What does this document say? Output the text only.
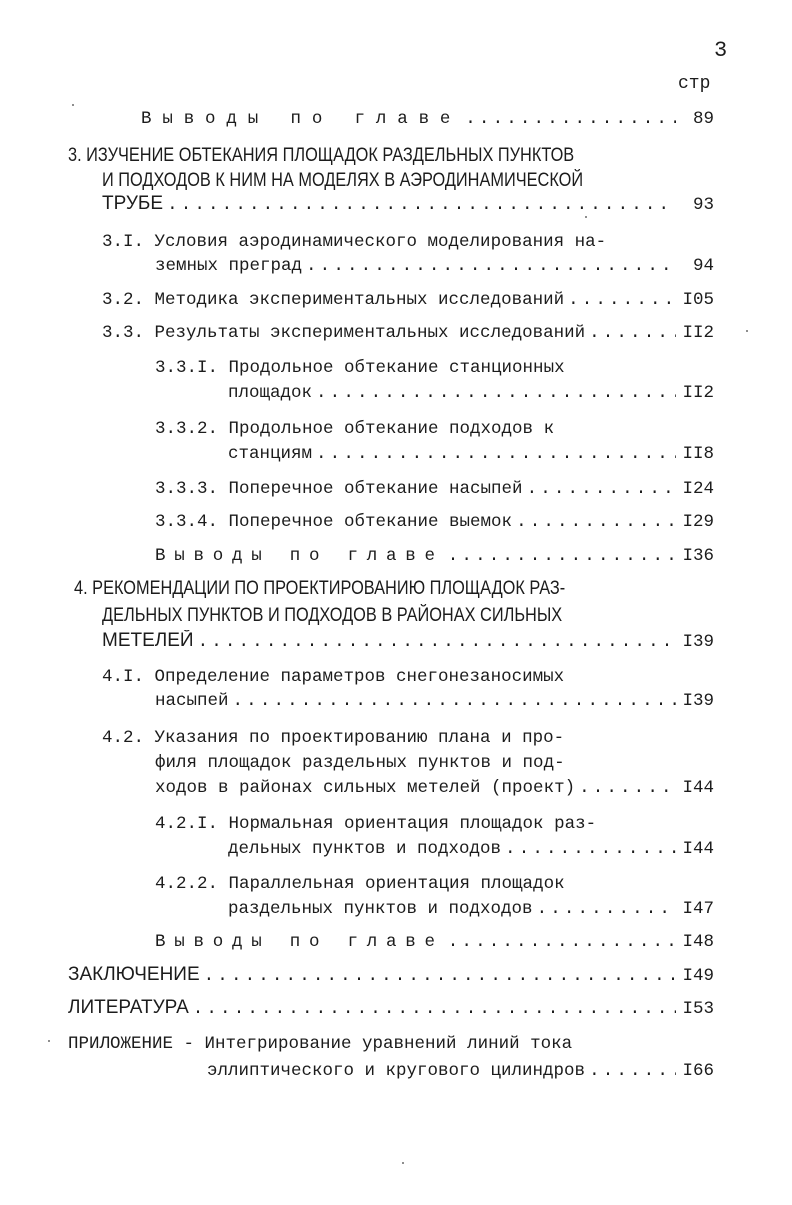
3
стр
Выводы по главе .....	89
3. ИЗУЧЕНИЕ ОБТЕКАНИЯ ПЛОЩАДОК РАЗДЕЛЬНЫХ ПУНКТОВ
И ПОДХОДОВ К НИМ НА МОДЕЛЯХ В АЭРОДИНАМИЧЕСКОЙ
ТРУБЕ .....	93
3.I. Условия аэродинамического моделирования на-
земных преград .....	94
3.2. Методика экспериментальных исследований .....	I05
3.3. Результаты экспериментальных исследований .....	II2
3.3.I. Продольное обтекание станционных
площадок .....	II2
3.3.2. Продольное обтекание подходов к
станциям .....	II8
3.3.3. Поперечное обтекание насыпей .....	I24
3.3.4. Поперечное обтекание выемок .....	I29
Выводы по главе .....	I36
4. РЕКОМЕНДАЦИИ ПО ПРОЕКТИРОВАНИЮ ПЛОЩАДОК РАЗ-
ДЕЛЬНЫХ ПУНКТОВ И ПОДХОДОВ В РАЙОНАХ СИЛЬНЫХ
МЕТЕЛЕЙ .....	I39
4.I. Определение параметров снегонезаносимых
насыпей .....	I39
4.2. Указания по проектированию плана и про-
филя площадок раздельных пунктов и под-
ходов в районах сильных метелей (проект) .....	I44
4.2.I. Нормальная ориентация площадок раз-
дельных пунктов и подходов .....	I44
4.2.2. Параллельная ориентация площадок
раздельных пунктов и подходов .....	I47
Выводы по главе .....	I48
ЗАКЛЮЧЕНИЕ .....	I49
ЛИТЕРАТУРА .....	I53
ПРИЛОЖЕНИЕ - Интегрирование уравнений линий тока
эллиптического и кругового цилиндров .....	I66
